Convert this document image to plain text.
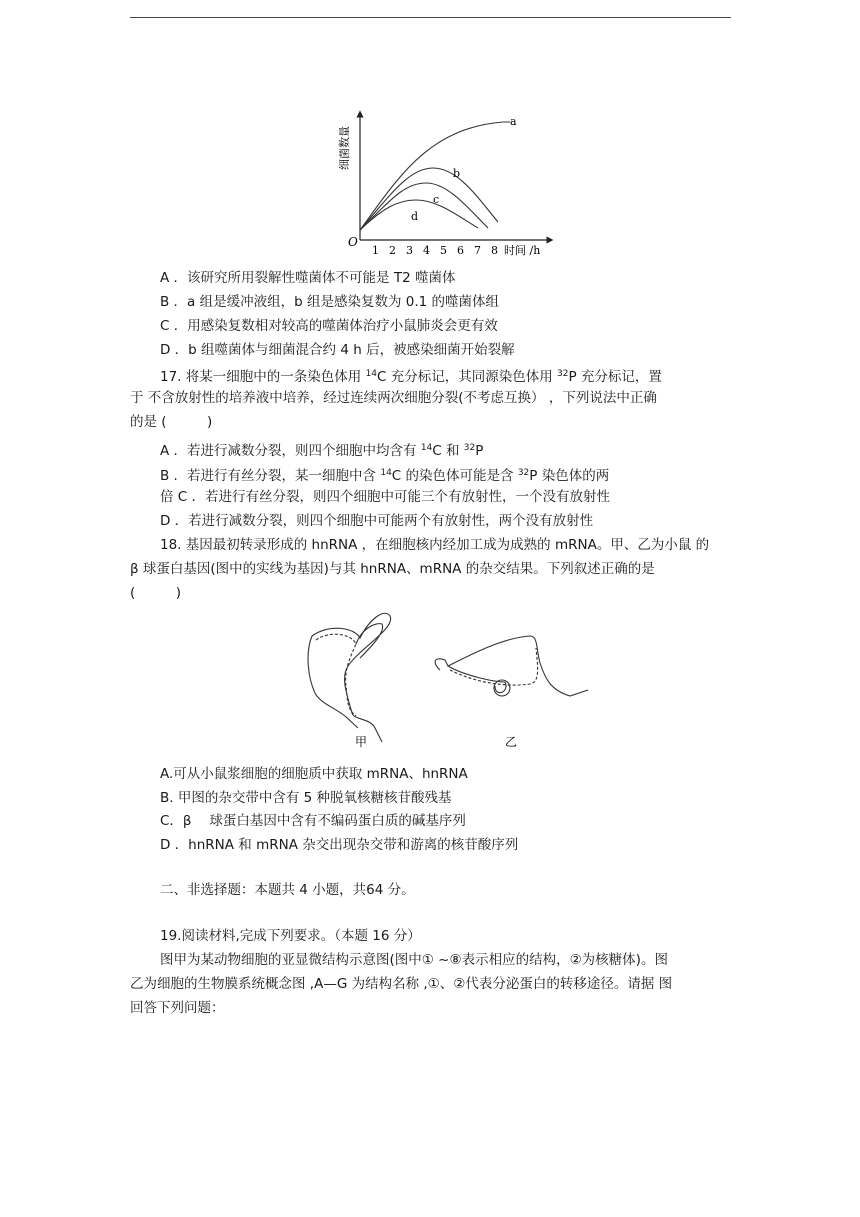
细菌数量
O
1 2 3 4 5 6 7 8 时间 /h
a
b
c
d
A ．该研究所用裂解性噬菌体不可能是 T2 噬菌体
B ．a 组是缓冲液组，b 组是感染复数为 0.1 的噬菌体组
C ．用感染复数相对较高的噬菌体治疗小鼠肺炎会更有效
D ．b 组噬菌体与细菌混合约 4 h 后，被感染细菌开始裂解
17. 将某一细胞中的一条染色体用 $^{14}$C 充分标记，其同源染色体用 $^{32}$P 充分标记，置
于 不含放射性的培养液中培养，经过连续两次细胞分裂(不考虑互换） ，下列说法中正确
的是 (　　　)
A ．若进行减数分裂，则四个细胞中均含有 $^{14}$C 和 $^{32}$P
B ．若进行有丝分裂，某一细胞中含 $^{14}$C 的染色体可能是含 $^{32}$P 染色体的两
倍 C ．若进行有丝分裂，则四个细胞中可能三个有放射性，一个没有放射性
D ．若进行减数分裂，则四个细胞中可能两个有放射性，两个没有放射性
18. 基因最初转录形成的 hnRNA ，在细胞核内经加工成为成熟的 mRNA。甲、乙为小鼠 的
β 球蛋白基因(图中的实线为基因)与其 hnRNA、mRNA 的杂交结果。下列叙述正确的是
(　　　)
甲	乙
A.可从小鼠浆细胞的细胞质中获取 mRNA、hnRNA
B. 甲图的杂交带中含有 5 种脱氧核糖核苷酸残基
C．β 　球蛋白基因中含有不编码蛋白质的碱基序列
D ．hnRNA 和 mRNA 杂交出现杂交带和游离的核苷酸序列
二、非选择题：本题共 4 小题，共64 分。
19.阅读材料,完成下列要求。（本题 16 分）
图甲为某动物细胞的亚显微结构示意图(图中① ~⑧表示相应的结构，②为核糖体)。图
乙为细胞的生物膜系统概念图 ,A—G 为结构名称 ,①、②代表分泌蛋白的转移途径。请据 图
回答下列问题：
